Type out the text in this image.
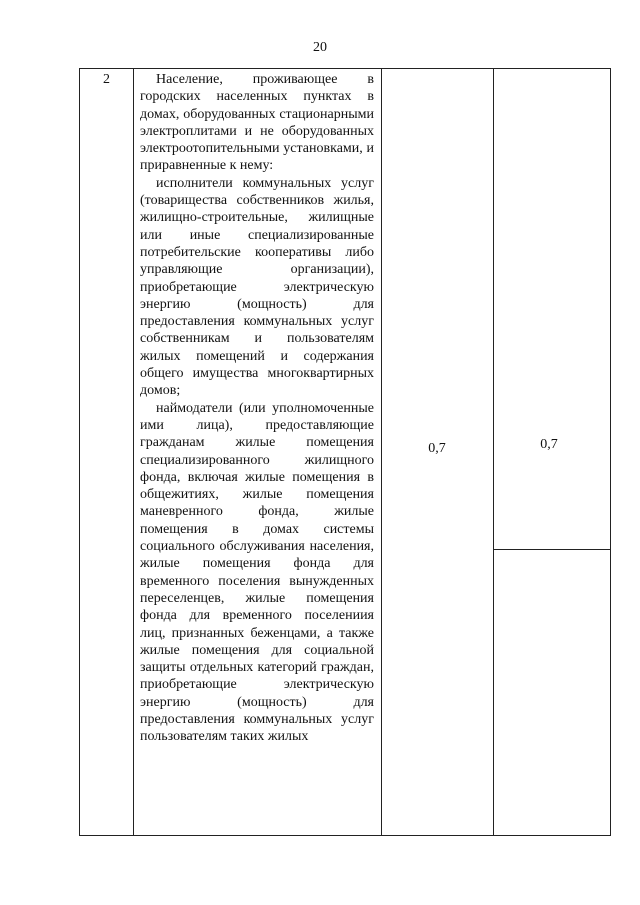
20
2	Население, проживающее в городских населенных пунктах в домах, оборудованных стационарными электроплитами и не оборудованных электроотопительными установками, и приравненные к нему:

исполнители коммунальных услуг (товарищества собственников жилья, жилищно-строительные, жилищные или иные специализированные потребительские кооперативы либо управляющие организации), приобретающие электрическую энергию (мощность) для предоставления коммунальных услуг собственникам и пользователям жилых помещений и содержания общего имущества многоквартирных домов;

наймодатели (или уполномоченные ими лица), предоставляющие гражданам жилые помещения специализированного жилищного фонда, включая жилые помещения в общежитиях, жилые помещения маневренного фонда, жилые помещения в домах системы социального обслуживания населения, жилые помещения фонда для временного поселения вынужденных переселенцев, жилые помещения фонда для временного поселениия лиц, признанных беженцами, а также жилые помещения для социальной защиты отдельных категорий граждан, приобретающие электрическую энергию (мощность) для предоставления коммунальных услуг пользователям таких жилых

0,7	0,7
